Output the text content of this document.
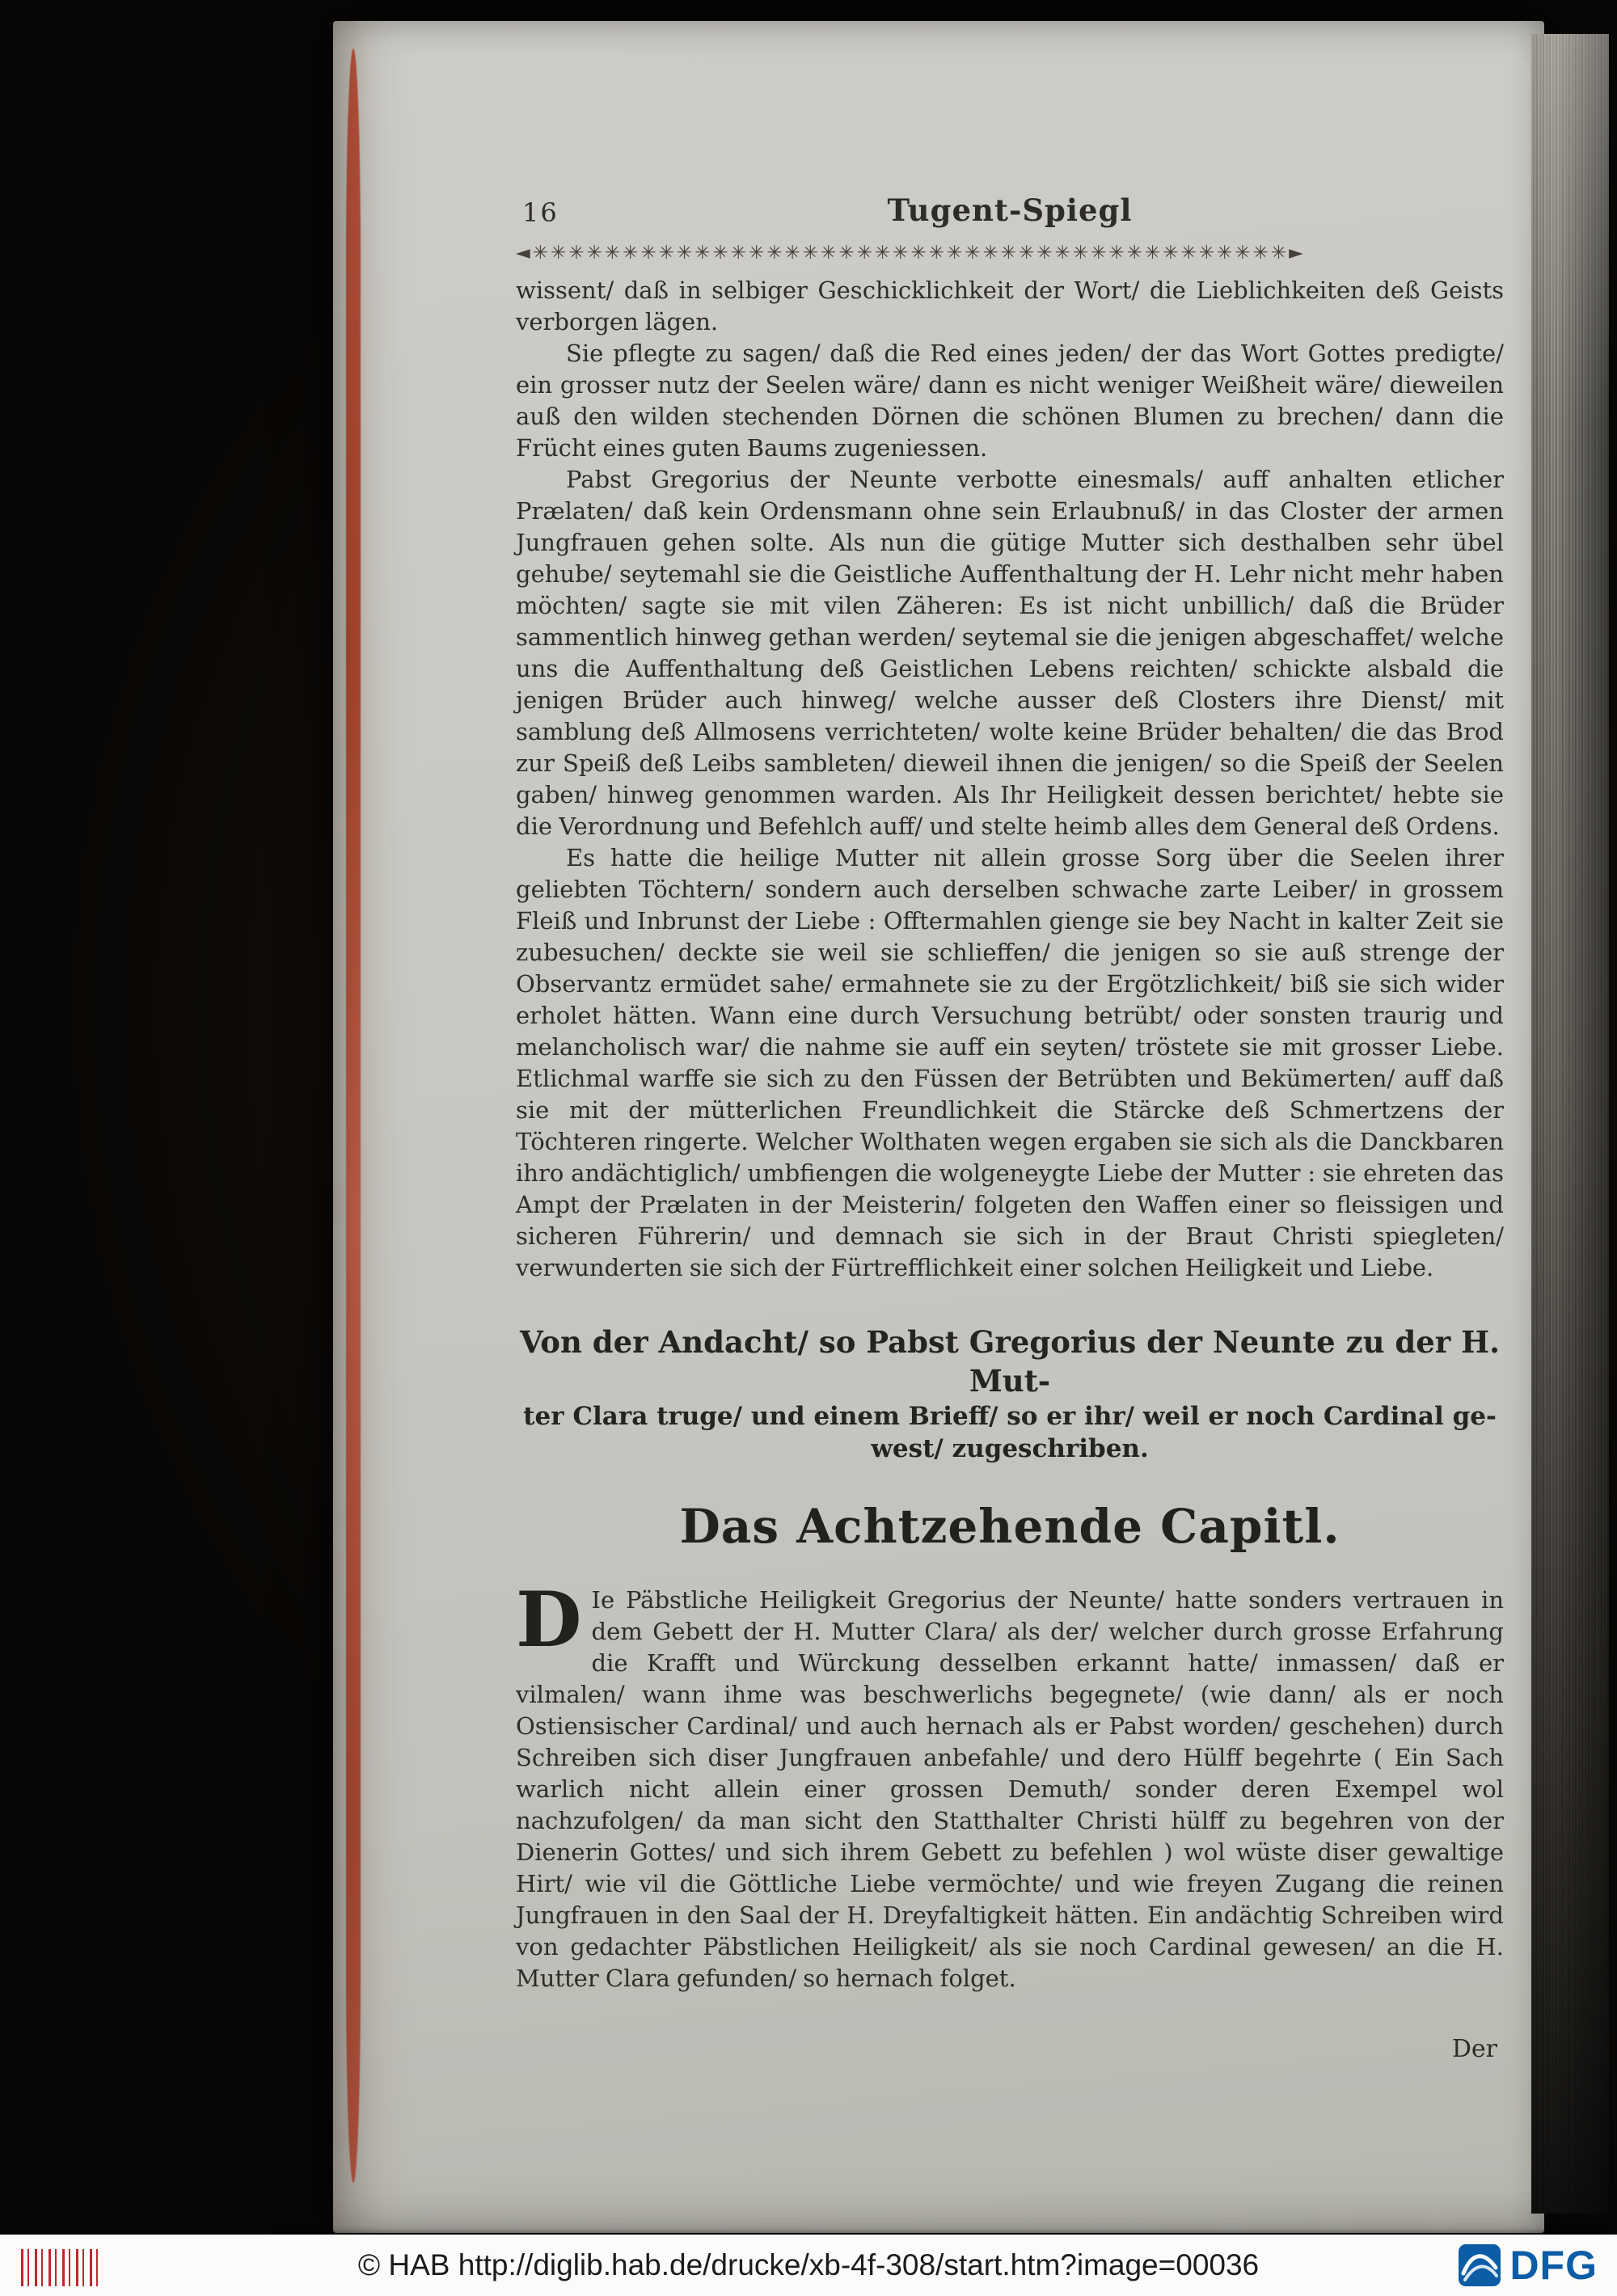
16	Tugent-Spiegl
◄✳✳✳✳✳✳✳✳✳✳✳✳✳✳✳✳✳✳✳✳✳✳✳✳✳✳✳✳✳✳✳✳✳✳✳✳✳✳✳✳✳✳►

wissent/ daß in selbiger Geschicklichkeit der Wort/ die Lieblichkeiten deß Geists verborgen lägen.

Sie pflegte zu sagen/ daß die Red eines jeden/ der das Wort Gottes predigte/ ein grosser nutz der Seelen wäre/ dann es nicht weniger Weißheit wäre/ dieweilen auß den wilden stechenden Dörnen die schönen Blumen zu brechen/ dann die Frücht eines guten Baums zugeniessen.

Pabst Gregorius der Neunte verbotte einesmals/ auff anhalten etlicher Prælaten/ daß kein Ordensmann ohne sein Erlaubnuß/ in das Closter der armen Jungfrauen gehen solte. Als nun die gütige Mutter sich desthalben sehr übel gehube/ seytemahl sie die Geistliche Auffenthaltung der H. Lehr nicht mehr haben möchten/ sagte sie mit vilen Zäheren: Es ist nicht unbillich/ daß die Brüder sammentlich hinweg gethan werden/ seytemal sie die jenigen abgeschaffet/ welche uns die Auffenthaltung deß Geistlichen Lebens reichten/ schickte alsbald die jenigen Brüder auch hinweg/ welche ausser deß Closters ihre Dienst/ mit samblung deß Allmosens verrichteten/ wolte keine Brüder behalten/ die das Brod zur Speiß deß Leibs sambleten/ dieweil ihnen die jenigen/ so die Speiß der Seelen gaben/ hinweg genommen warden. Als Ihr Heiligkeit dessen berichtet/ hebte sie die Verordnung und Befehlch auff/ und stelte heimb alles dem General deß Ordens.

Es hatte die heilige Mutter nit allein grosse Sorg über die Seelen ihrer geliebten Töchtern/ sondern auch derselben schwache zarte Leiber/ in grossem Fleiß und Inbrunst der Liebe : Offtermahlen gienge sie bey Nacht in kalter Zeit sie zubesuchen/ deckte sie weil sie schlieffen/ die jenigen so sie auß strenge der Observantz ermüdet sahe/ ermahnete sie zu der Ergötzlichkeit/ biß sie sich wider erholet hätten. Wann eine durch Versuchung betrübt/ oder sonsten traurig und melancholisch war/ die nahme sie auff ein seyten/ tröstete sie mit grosser Liebe. Etlichmal warffe sie sich zu den Füssen der Betrübten und Bekümerten/ auff daß sie mit der mütterlichen Freundlichkeit die Stärcke deß Schmertzens der Töchteren ringerte. Welcher Wolthaten wegen ergaben sie sich als die Danckbaren ihro andächtiglich/ umbfiengen die wolgeneygte Liebe der Mutter : sie ehreten das Ampt der Prælaten in der Meisterin/ folgeten den Waffen einer so fleissigen und sicheren Führerin/ und demnach sie sich in der Braut Christi spiegleten/ verwunderten sie sich der Fürtrefflichkeit einer solchen Heiligkeit und Liebe.

Von der Andacht/ so Pabst Gregorius der Neunte zu der H. Mut-
ter Clara truge/ und einem Brieff/ so er ihr/ weil er noch Cardinal ge-
west/ zugeschriben.
Das Achtzehende Capitl.
D Ie Päbstliche Heiligkeit Gregorius der Neunte/ hatte sonders vertrauen in dem Gebett der H. Mutter Clara/ als der/ welcher durch grosse Erfahrung die Krafft und Würckung desselben erkannt hatte/ inmassen/ daß er vilmalen/ wann ihme was beschwerlichs begegnete/ (wie dann/ als er noch Ostiensischer Cardinal/ und auch hernach als er Pabst worden/ geschehen) durch Schreiben sich diser Jungfrauen anbefahle/ und dero Hülff begehrte ( Ein Sach warlich nicht allein einer grossen Demuth/ sonder deren Exempel wol nachzufolgen/ da man sicht den Statthalter Christi hülff zu begehren von der Dienerin Gottes/ und sich ihrem Gebett zu befehlen ) wol wüste diser gewaltige Hirt/ wie vil die Göttliche Liebe vermöchte/ und wie freyen Zugang die reinen Jungfrauen in den Saal der H. Dreyfaltigkeit hätten. Ein andächtig Schreiben wird von gedachter Päbstlichen Heiligkeit/ als sie noch Cardinal gewesen/ an die H. Mutter Clara gefunden/ so hernach folget.
Der
© HAB http://diglib.hab.de/drucke/xb-4f-308/start.htm?image=00036	DFG
